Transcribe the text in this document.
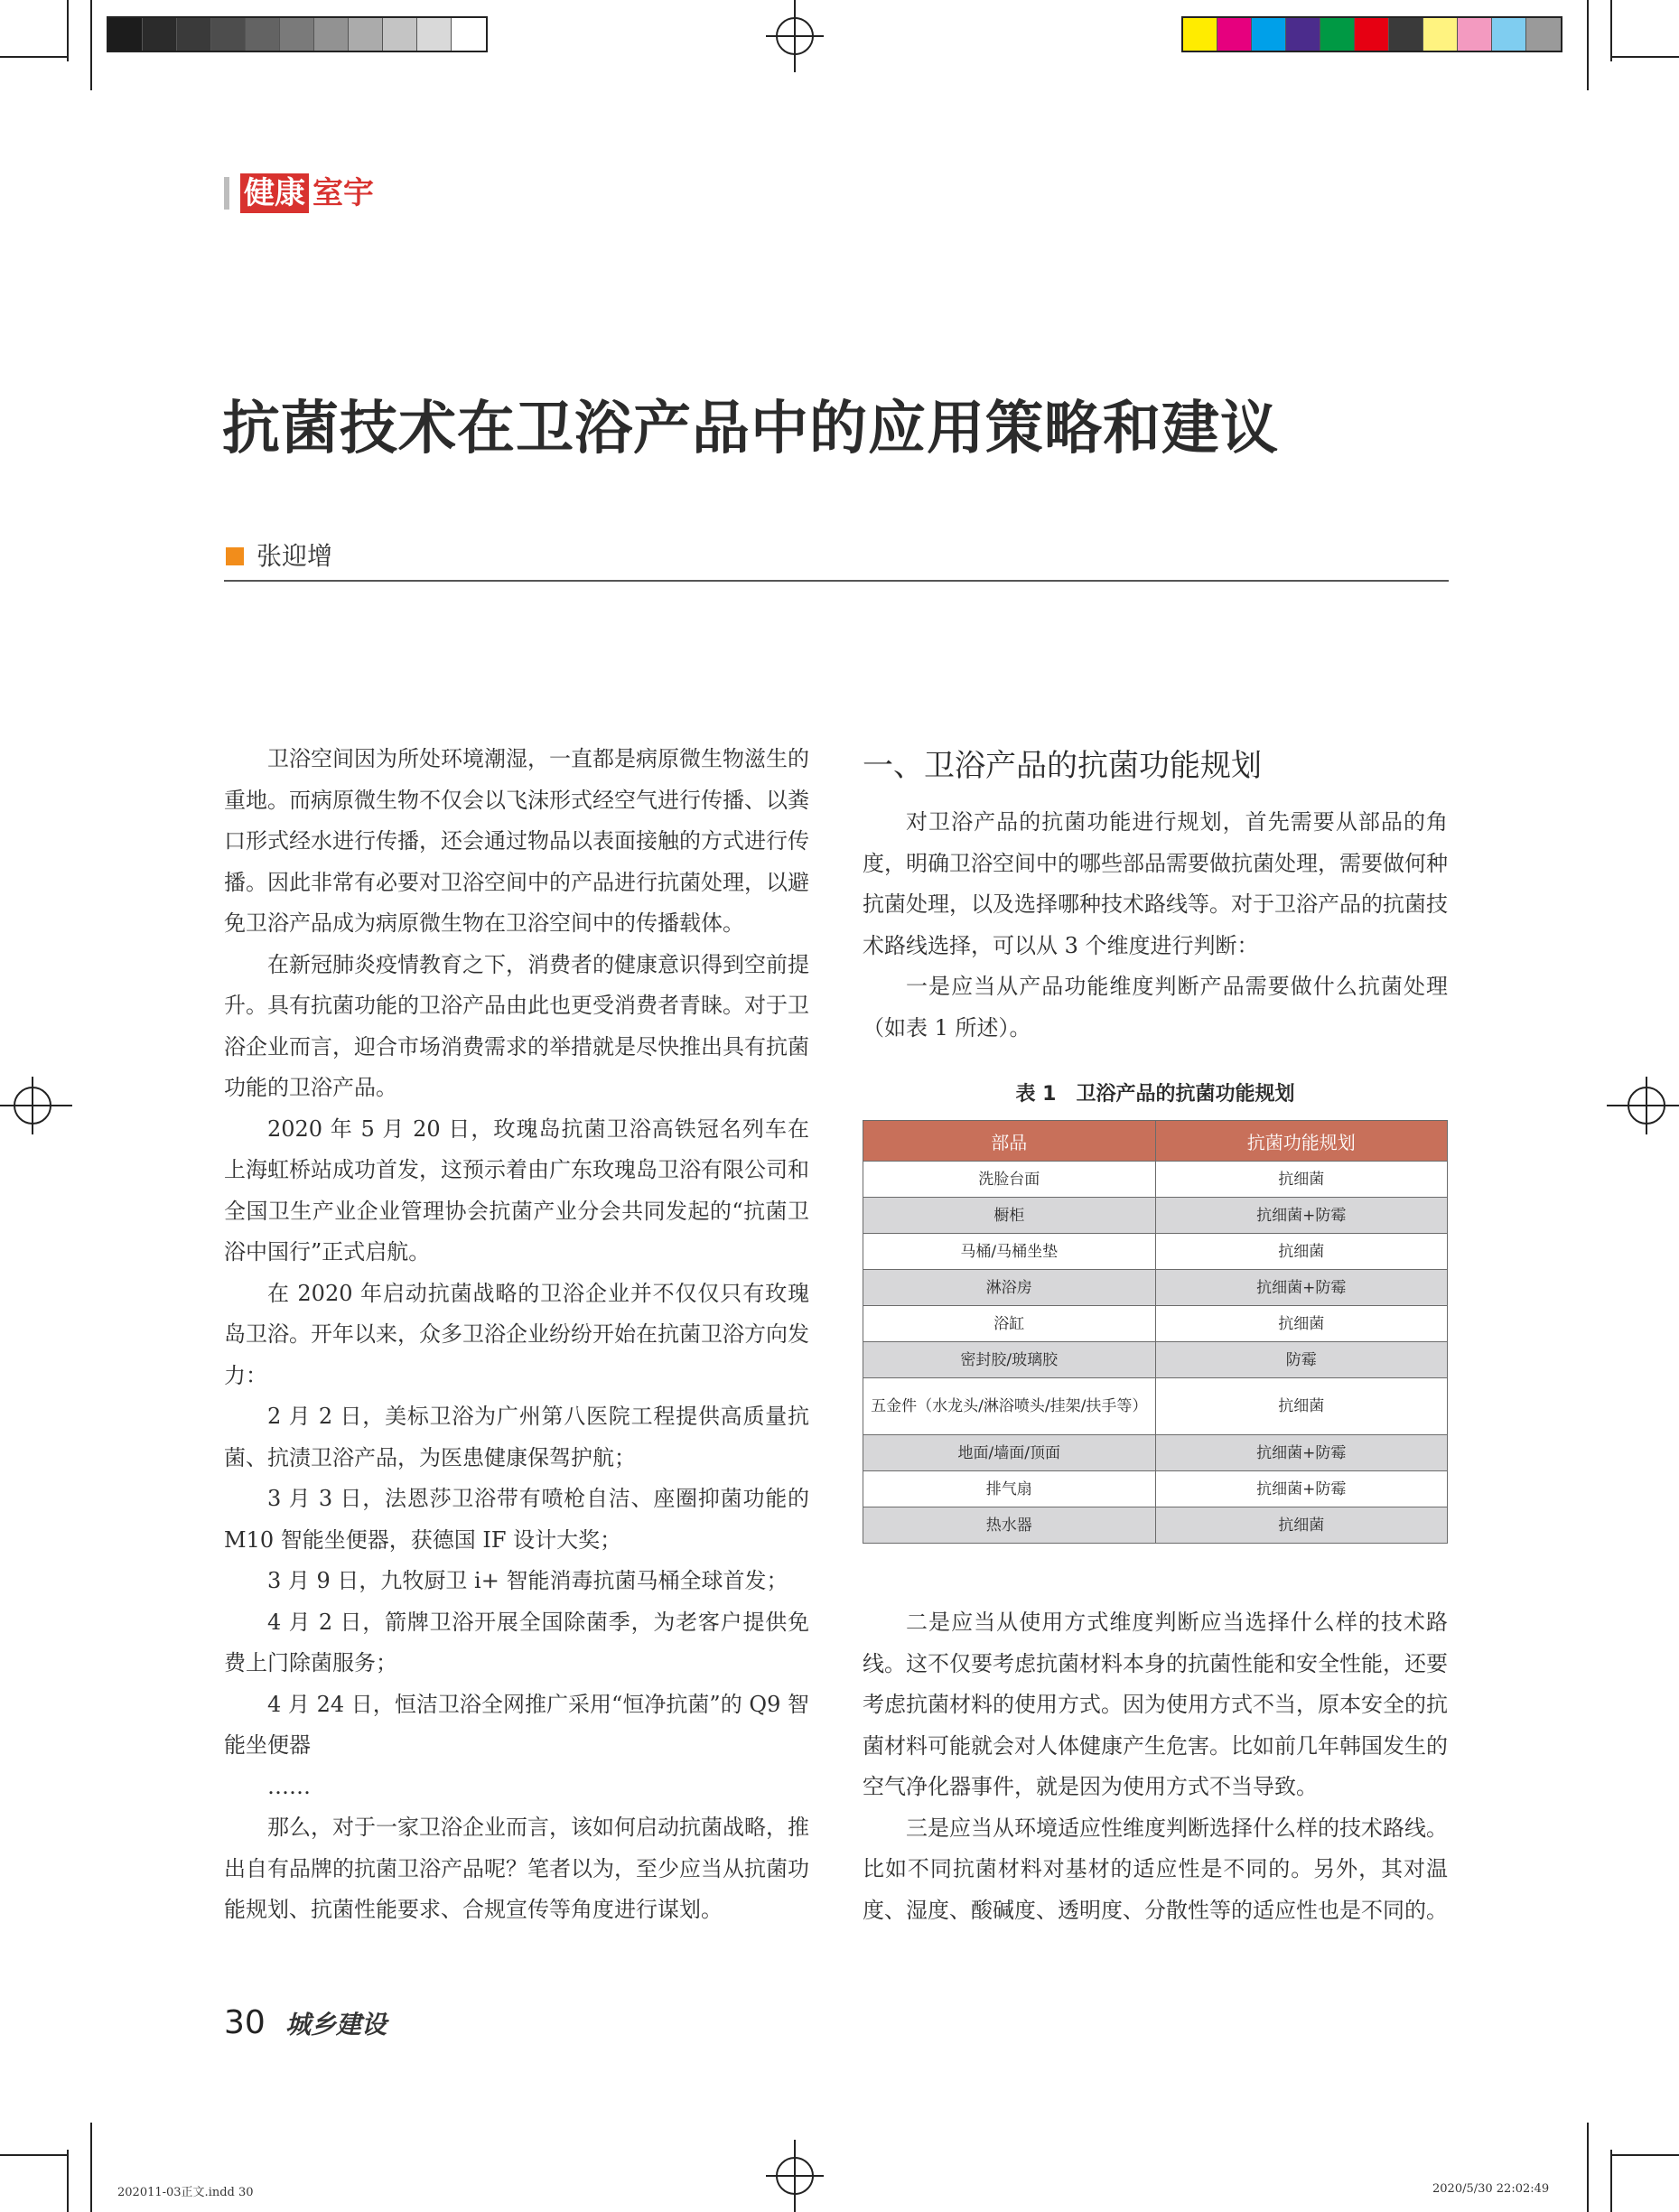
健康 室宇
抗菌技术在卫浴产品中的应用策略和建议
张迎增

卫浴空间因为所处环境潮湿，一直都是病原微生物滋生的重地。而病原微生物不仅会以飞沫形式经空气进行传播、以粪口形式经水进行传播，还会通过物品以表面接触的方式进行传播。因此非常有必要对卫浴空间中的产品进行抗菌处理，以避免卫浴产品成为病原微生物在卫浴空间中的传播载体。

在新冠肺炎疫情教育之下，消费者的健康意识得到空前提升。具有抗菌功能的卫浴产品由此也更受消费者青睐。对于卫浴企业而言，迎合市场消费需求的举措就是尽快推出具有抗菌功能的卫浴产品。

2020 年 5 月 20 日，玫瑰岛抗菌卫浴高铁冠名列车在上海虹桥站成功首发，这预示着由广东玫瑰岛卫浴有限公司和全国卫生产业企业管理协会抗菌产业分会共同发起的“抗菌卫浴中国行”正式启航。

在 2020 年启动抗菌战略的卫浴企业并不仅仅只有玫瑰岛卫浴。开年以来，众多卫浴企业纷纷开始在抗菌卫浴方向发力：

2 月 2 日，美标卫浴为广州第八医院工程提供高质量抗菌、抗渍卫浴产品，为医患健康保驾护航；

3 月 3 日，法恩莎卫浴带有喷枪自洁、座圈抑菌功能的 M10 智能坐便器，获德国 IF 设计大奖；

3 月 9 日，九牧厨卫 i+ 智能消毒抗菌马桶全球首发；

4 月 2 日，箭牌卫浴开展全国除菌季，为老客户提供免费上门除菌服务；

4 月 24 日，恒洁卫浴全网推广采用“恒净抗菌”的 Q9 智能坐便器

……

那么，对于一家卫浴企业而言，该如何启动抗菌战略，推出自有品牌的抗菌卫浴产品呢？笔者以为，至少应当从抗菌功能规划、抗菌性能要求、合规宣传等角度进行谋划。

一、卫浴产品的抗菌功能规划

对卫浴产品的抗菌功能进行规划，首先需要从部品的角度，明确卫浴空间中的哪些部品需要做抗菌处理，需要做何种抗菌处理，以及选择哪种技术路线等。对于卫浴产品的抗菌技术路线选择，可以从 3 个维度进行判断：

一是应当从产品功能维度判断产品需要做什么抗菌处理（如表 1 所述）。

表 1　卫浴产品的抗菌功能规划
部品	抗菌功能规划
洗脸台面	抗细菌
橱柜	抗细菌+防霉
马桶/马桶坐垫	抗细菌
淋浴房	抗细菌+防霉
浴缸	抗细菌
密封胶/玻璃胶	防霉
五金件（水龙头/淋浴喷头/挂架/扶手等）	抗细菌
地面/墙面/顶面	抗细菌+防霉
排气扇	抗细菌+防霉
热水器	抗细菌

二是应当从使用方式维度判断应当选择什么样的技术路线。这不仅要考虑抗菌材料本身的抗菌性能和安全性能，还要考虑抗菌材料的使用方式。因为使用方式不当，原本安全的抗菌材料可能就会对人体健康产生危害。比如前几年韩国发生的空气净化器事件，就是因为使用方式不当导致。

三是应当从环境适应性维度判断选择什么样的技术路线。比如不同抗菌材料对基材的适应性是不同的。另外，其对温度、湿度、酸碱度、透明度、分散性等的适应性也是不同的。

30 城乡建设
202011-03正文.indd 30	2020/5/30 22:02:49
